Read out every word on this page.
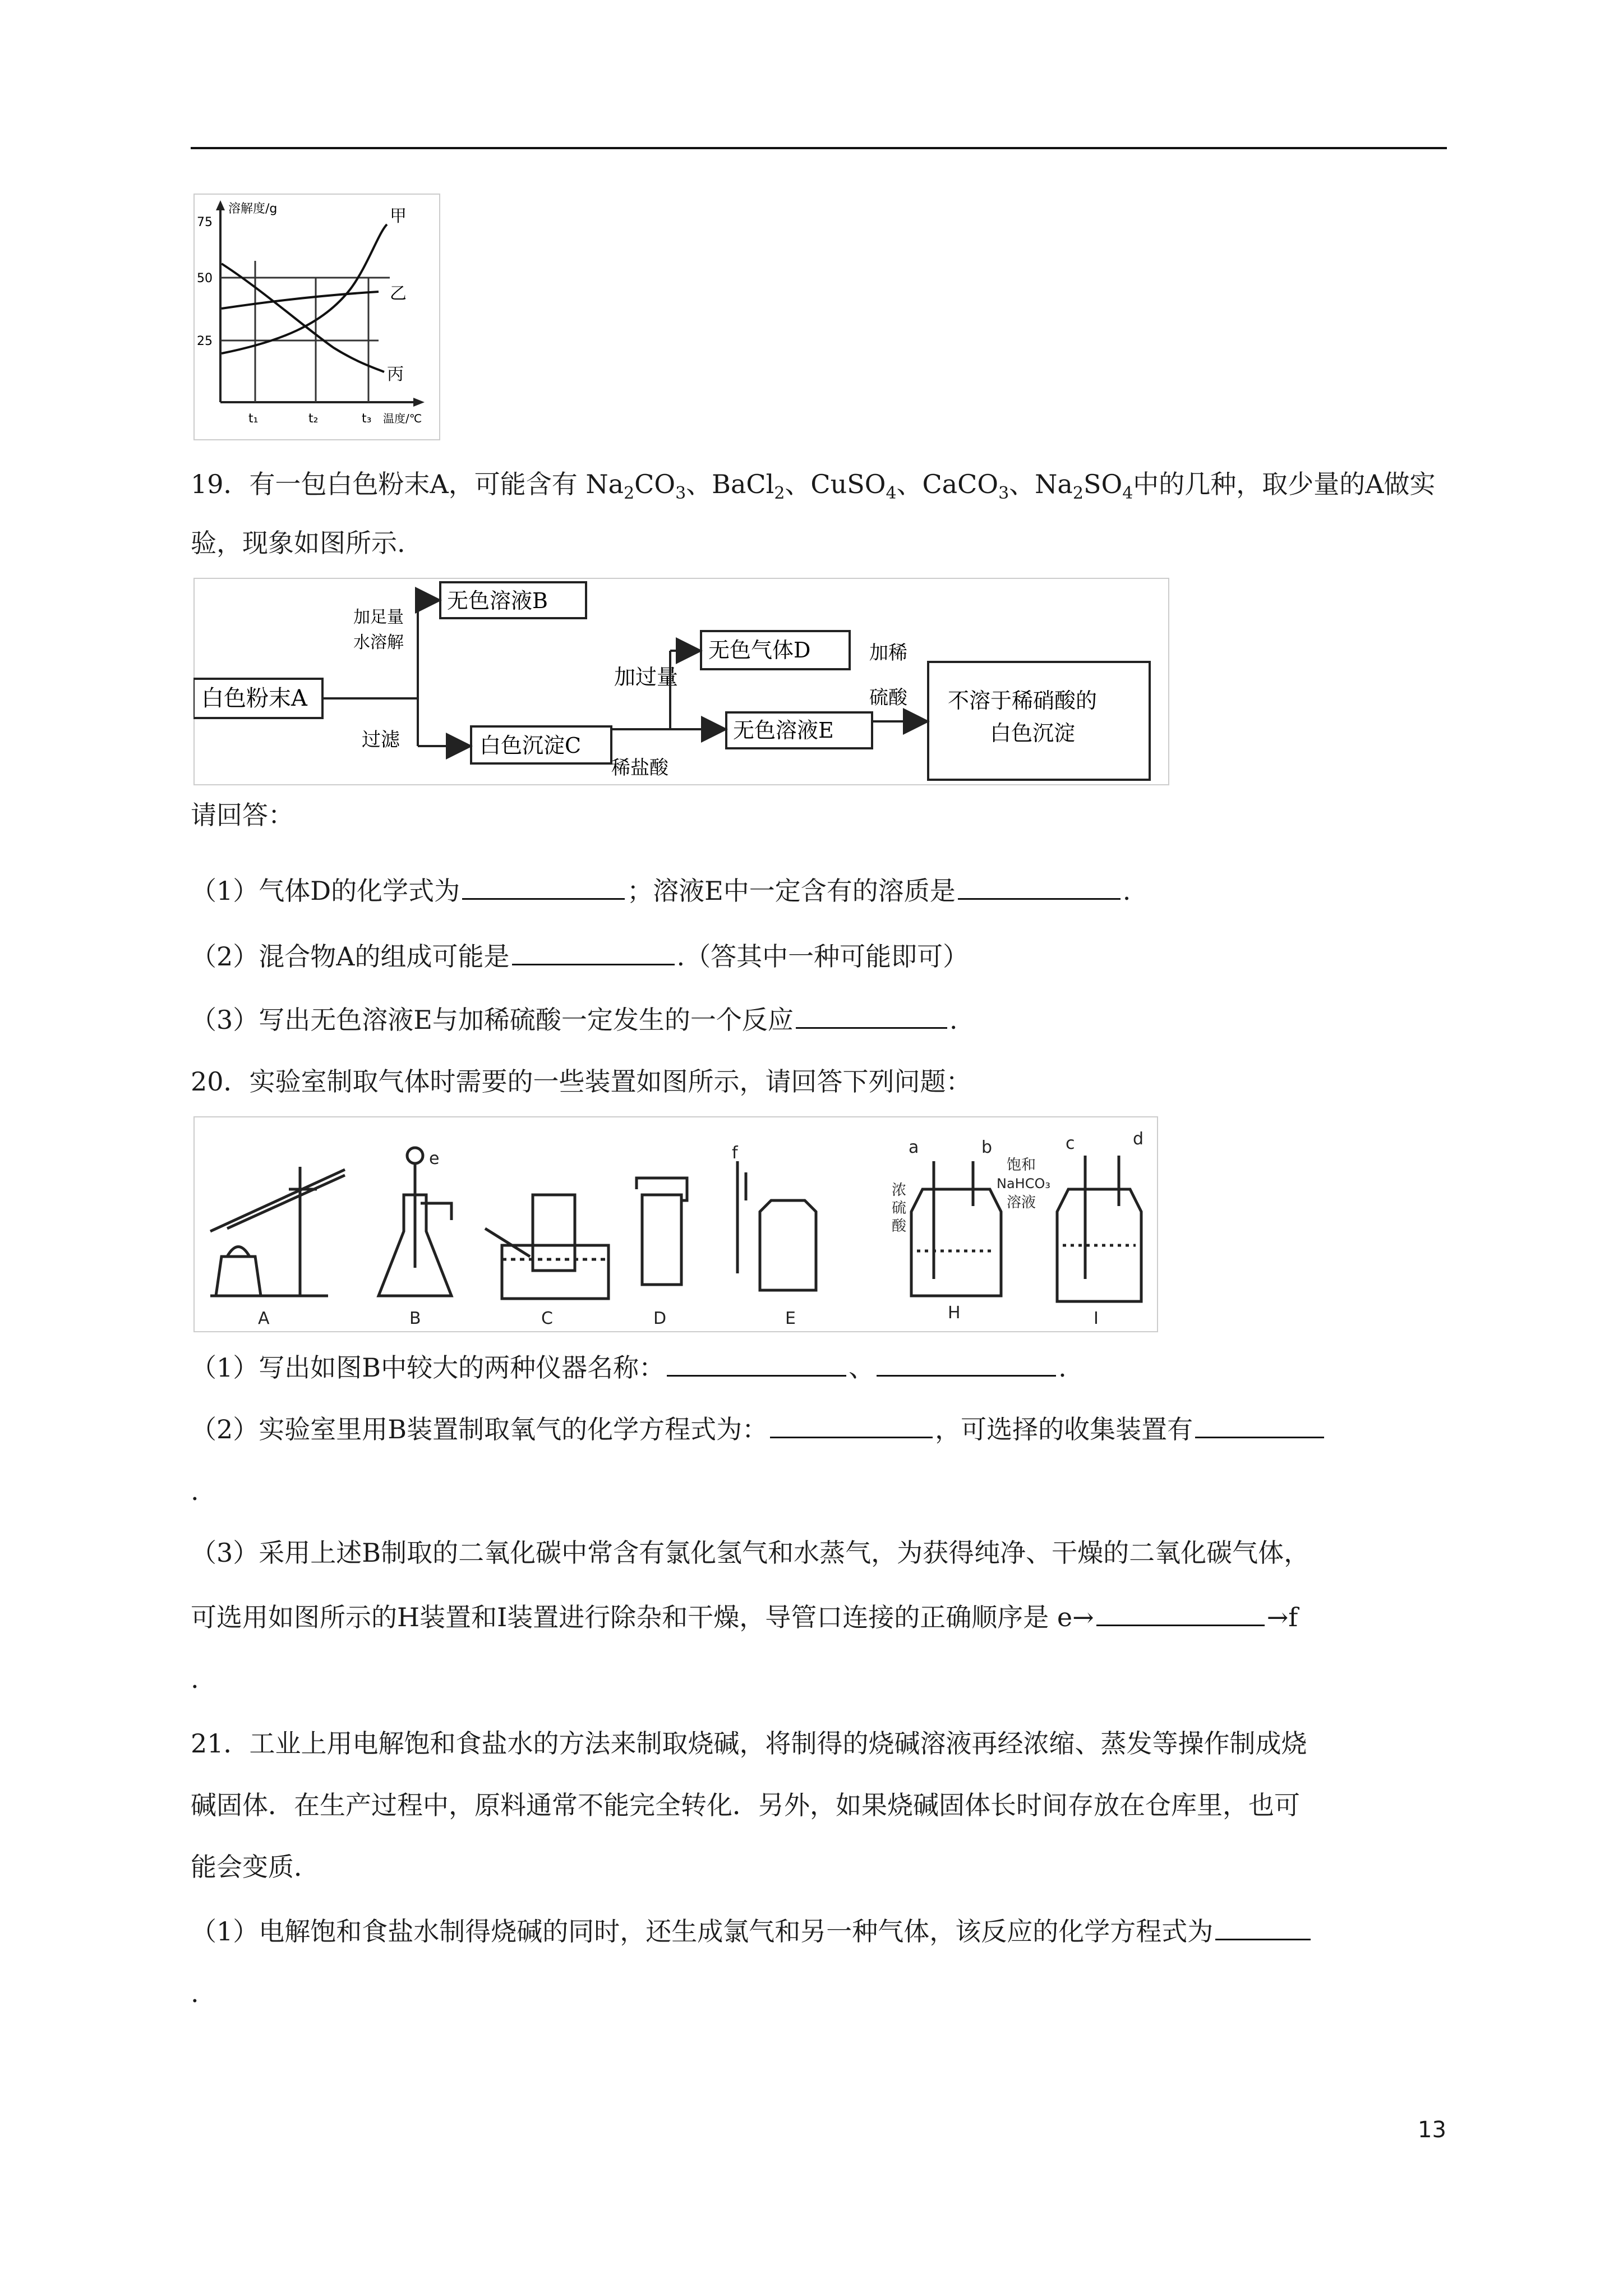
溶解度/g
75
50
25
t₁	t₂	t₃ 温度/℃
甲
乙
丙
19．有一包白色粉末A，可能含有 $Na_2CO_3$、BaCl$_2$、CuSO$_4$、CaCO$_3$、$Na_2SO_4$中的几种，取少量的A做实
验，现象如图所示.
白色粉末A
加足量
水溶解
过滤
无色溶液B
白色沉淀C
加过量
稀盐酸
无色气体D
无色溶液E
加稀
硫酸 不溶于稀硝酸的
白色沉淀
请回答：
（1）气体D的化学式为	；溶液E中一定含有的溶质是	.
（2）混合物A的组成可能是	.（答其中一种可能即可）
（3）写出无色溶液E与加稀硫酸一定发生的一个反应	.
20．实验室制取气体时需要的一些装置如图所示，请回答下列问题：
A	B	C	D	E	H	I
e	f	a	b	c	d
浓
硫
酸
饱和
NaHCO₃
溶液
（1）写出如图B中较大的两种仪器名称：	、	.
（2）实验室里用B装置制取氧气的化学方程式为：	，可选择的收集装置有
.
（3）采用上述B制取的二氧化碳中常含有氯化氢气和水蒸气，为获得纯净、干燥的二氧化碳气体，
可选用如图所示的H装置和I装置进行除杂和干燥，导管口连接的正确顺序是 e→	→f
.
21．工业上用电解饱和食盐水的方法来制取烧碱，将制得的烧碱溶液再经浓缩、蒸发等操作制成烧
碱固体．在生产过程中，原料通常不能完全转化．另外，如果烧碱固体长时间存放在仓库里，也可
能会变质．
（1）电解饱和食盐水制得烧碱的同时，还生成氯气和另一种气体，该反应的化学方程式为
.
13
